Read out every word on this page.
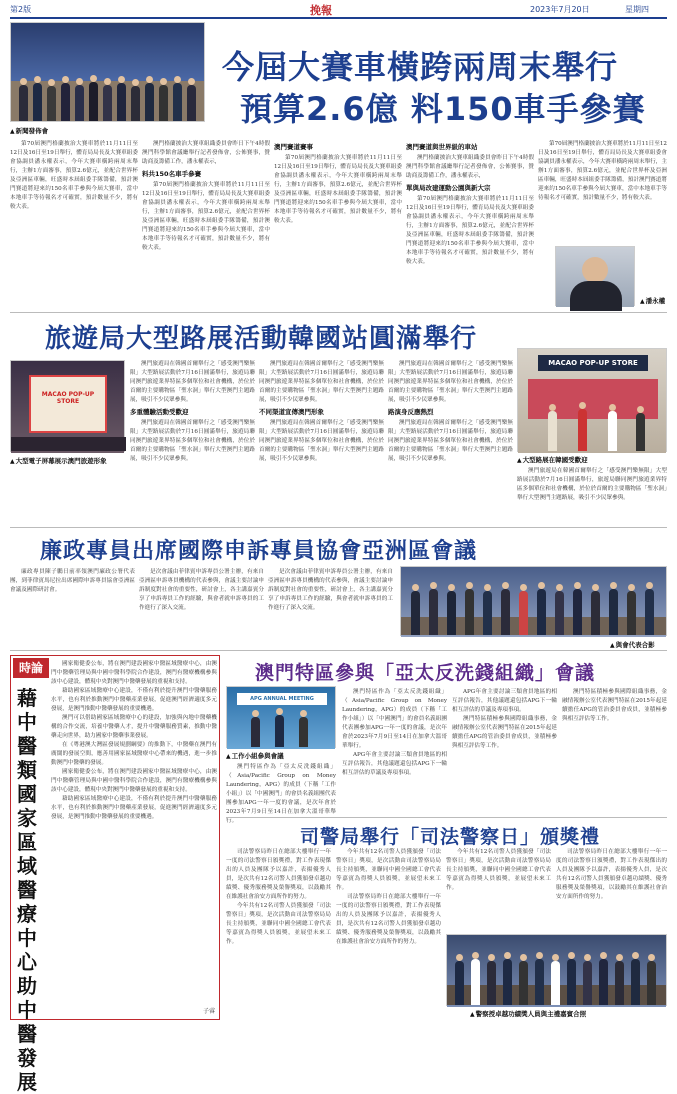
第2版	挽報	2023年7月20日	星期四
▲新聞發佈會
今屆大賽車橫跨兩周末舉行
預算2.6億 料150車手參賽

第70屆澳門格蘭披治大賽車將於11月11日至12日及16日至19日舉行，體育局局長及大賽車組委會協調員潘永權表示，今年大賽車橫跨兩周末舉行，主辦1方面審事，預算2.6億元，並配合世界杯及亞洲區車輛，旺盛時本屆組委手隊籌備，預計澳門賽道將迎來約150名車手參與今屆大賽車，當中本地車手等待報名才可確實，預計數量不少，將有較大表。

澳門格蘭披治大賽車組織委員會昨日下午4時假澳門科學館會議廳舉行記者發佈會，公佈賽事，贊助商及籌備工作，潘永權表示，

料共150名車手參賽

第70屆澳門格蘭披治大賽車將於11月11日至12日及16日至19日舉行，體育局局長及大賽車組委會協調員潘永權表示，今年大賽車橫跨兩周末舉行，主辦1方面審事，預算2.6億元，並配合世界杯及亞洲區車輛，旺盛時本屆組委手隊籌備，預計澳門賽道將迎來約150名車手參與今屆大賽車，當中本地車手等待報名才可確實，預計數量不少，將有較大表。

澳門賽道賽事

第70屆澳門格蘭披治大賽車將於11月11日至12日及16日至19日舉行，體育局局長及大賽車組委會協調員潘永權表示，今年大賽車橫跨兩周末舉行，主辦1方面審事，預算2.6億元，並配合世界杯及亞洲區車輛，旺盛時本屆組委手隊籌備，預計澳門賽道將迎來約150名車手參與今屆大賽車，當中本地車手等待報名才可確實，預計數量不少，將有較大表。

澳門賽道與世界級的車站

澳門格蘭披治大賽車組織委員會昨日下午4時假澳門科學館會議廳舉行記者發佈會，公佈賽事，贊助商及籌備工作，潘永權表示，

單與局改建運動公園與新大宗

第70屆澳門格蘭披治大賽車將於11月11日至12日及16日至19日舉行，體育局局長及大賽車組委會協調員潘永權表示，今年大賽車橫跨兩周末舉行，主辦1方面審事，預算2.6億元，並配合世界杯及亞洲區車輛，旺盛時本屆組委手隊籌備，預計澳門賽道將迎來約150名車手參與今屆大賽車，當中本地車手等待報名才可確實，預計數量不少，將有較大表。

第70屆澳門格蘭披治大賽車將於11月11日至12日及16日至19日舉行，體育局局長及大賽車組委會協調員潘永權表示，今年大賽車橫跨兩周末舉行，主辦1方面審事，預算2.6億元，並配合世界杯及亞洲區車輛，旺盛時本屆組委手隊籌備，預計澳門賽道將迎來約150名車手參與今屆大賽車，當中本地車手等待報名才可確實，預計數量不少，將有較大表。

▲潘永權
旅遊局大型路展活動韓國站圓滿舉行
MACAO POP-UP STORE
▲大型電子屏幕展示澳門旅遊形象

澳門旅遊局在韓國首爾舉行之「感受澳門樂無限」大型路展活動於7月16日圓滿舉行，旅遊局聯同澳門旅遊業界特區多個單位和社會機構，於位於首爾的主要購物區「聖水洞」舉行大型澳門主題路展，吸引不少民眾參與。

多重體驗活動受歡迎

澳門旅遊局在韓國首爾舉行之「感受澳門樂無限」大型路展活動於7月16日圓滿舉行，旅遊局聯同澳門旅遊業界特區多個單位和社會機構，於位於首爾的主要購物區「聖水洞」舉行大型澳門主題路展，吸引不少民眾參與。

澳門旅遊局在韓國首爾舉行之「感受澳門樂無限」大型路展活動於7月16日圓滿舉行，旅遊局聯同澳門旅遊業界特區多個單位和社會機構，於位於首爾的主要購物區「聖水洞」舉行大型澳門主題路展，吸引不少民眾參與。

不同渠道宣傳澳門形象

澳門旅遊局在韓國首爾舉行之「感受澳門樂無限」大型路展活動於7月16日圓滿舉行，旅遊局聯同澳門旅遊業界特區多個單位和社會機構，於位於首爾的主要購物區「聖水洞」舉行大型澳門主題路展，吸引不少民眾參與。

澳門旅遊局在韓國首爾舉行之「感受澳門樂無限」大型路展活動於7月16日圓滿舉行，旅遊局聯同澳門旅遊業界特區多個單位和社會機構，於位於首爾的主要購物區「聖水洞」舉行大型澳門主題路展，吸引不少民眾參與。

路演身反應熱烈

澳門旅遊局在韓國首爾舉行之「感受澳門樂無限」大型路展活動於7月16日圓滿舉行，旅遊局聯同澳門旅遊業界特區多個單位和社會機構，於位於首爾的主要購物區「聖水洞」舉行大型澳門主題路展，吸引不少民眾參與。

MACAO POP-UP STORE
▲大型路展在韓國受歡迎

澳門旅遊局在韓國首爾舉行之「感受澳門樂無限」大型路展活動於7月16日圓滿舉行，旅遊局聯同澳門旅遊業界特區多個單位和社會機構，於位於首爾的主要購物區「聖水洞」舉行大型澳門主題路展，吸引不少民眾參與。

廉政專員出席國際申訴專員協會亞洲區會議

廉政專員陳子鵬日前率領澳門廉政公署代表團，到菲律賓馬尼拉出席國際申訴專員協會亞洲區會議及國際研討會。

是次會議由菲律賓申訴專員公署主辦，有來自亞洲區申訴專員機構的代表參與，會議主要討論申訴制度對社會的重要性，研討會上，各主講嘉賓分享了申訴專員工作的經驗，與會者就申訴專員的工作進行了深入交流。

是次會議由菲律賓申訴專員公署主辦，有來自亞洲區申訴專員機構的代表參與，會議主要討論申訴制度對社會的重要性，研討會上，各主講嘉賓分享了申訴專員工作的經驗，與會者就申訴專員的工作進行了深入交流。

▲與會代表合影
時論
藉中醫類國家區域醫療中心助中醫發展

國家衛健委公布，將在澳門建設國家中醫區域醫療中心，由澳門中醫藥管理局與中國中醫科學院合作建設，澳門有醫療機構參與該中心建設，體現中央對澳門中醫藥發展的重視和支持。

藉助國家區域醫療中心建設，不僅有利於提升澳門中醫藥服務水平，也有利於推動澳門中醫藥產業發展，促進澳門經濟適度多元發展，是澳門推動中醫藥發展的重要機遇。

澳門可以借助國家區域醫療中心的建設，加強與內地中醫藥機構的合作交流，培養中醫藥人才，提升中醫藥服務質素，推動中醫藥走向世界，助力國家中醫藥事業發展。

在《粵港澳大灣區發展規劃綱要》的推動下，中醫藥在澳門有廣闊的發展空間，應善用國家區域醫療中心帶來的機遇，進一步推動澳門中醫藥的發展。

國家衛健委公布，將在澳門建設國家中醫區域醫療中心，由澳門中醫藥管理局與中國中醫科學院合作建設，澳門有醫療機構參與該中心建設，體現中央對澳門中醫藥發展的重視和支持。

藉助國家區域醫療中心建設，不僅有利於提升澳門中醫藥服務水平，也有利於推動澳門中醫藥產業發展，促進澳門經濟適度多元發展，是澳門推動中醫藥發展的重要機遇。

子睿
澳門特區參與「亞太反洗錢組織」會議
APG ANNUAL MEETING
▲工作小組參與會議

澳門特區作為「亞太反洗錢組織」（Asia/Pacific Group on Money Laundering，APG）的成員（下稱「工作小組」）以「中國澳門」的會員名義組團代表團參加APG一年一度的會議，是次年會於2023年7月9日至14日在加拿大溫哥華舉行。

澳門特區作為「亞太反洗錢組織」（Asia/Pacific Group on Money Laundering，APG）的成員（下稱「工作小組」）以「中國澳門」的會員名義組團代表團參加APG一年一度的會議，是次年會於2023年7月9日至14日在加拿大溫哥華舉行。

APG年會主要討論三類會員地區的相互評估報告，其他議題還包括APG下一輪相互評估的草議及專項事項。

APG年會主要討論三類會員地區的相互評估報告，其他議題還包括APG下一輪相互評估的草議及專項事項。

澳門特區積極參與國際組織事務，金融情報辦公室代表澳門特區在2015年起延續擔任APG的管治委員會成員，並積極參與相互評估等工作。

澳門特區積極參與國際組織事務，金融情報辦公室代表澳門特區在2015年起延續擔任APG的管治委員會成員，並積極參與相互評估等工作。

司警局舉行「司法警察日」頒獎禮

司法警察局昨日在總部大樓舉行一年一度的司法警察日頒獎禮，對工作表現傑出的人員及團隊予以嘉許，表揚優秀人員，是次共有12名司警人員獲頒發卓越功績獎、優秀服務獎及榮譽獎項，以鼓勵其在維護社會治安方面所作的努力。

今年共有12名司警人員獲頒發「司法警察日」獎項，是次活動由司法警察局局長主持頒獎，並聯同中國全國總工會代表等嘉賓為得獎人員頒獎，並展望未來工作。

今年共有12名司警人員獲頒發「司法警察日」獎項，是次活動由司法警察局局長主持頒獎，並聯同中國全國總工會代表等嘉賓為得獎人員頒獎，並展望未來工作。

司法警察局昨日在總部大樓舉行一年一度的司法警察日頒獎禮，對工作表現傑出的人員及團隊予以嘉許，表揚優秀人員，是次共有12名司警人員獲頒發卓越功績獎、優秀服務獎及榮譽獎項，以鼓勵其在維護社會治安方面所作的努力。

今年共有12名司警人員獲頒發「司法警察日」獎項，是次活動由司法警察局局長主持頒獎，並聯同中國全國總工會代表等嘉賓為得獎人員頒獎，並展望未來工作。

司法警察局昨日在總部大樓舉行一年一度的司法警察日頒獎禮，對工作表現傑出的人員及團隊予以嘉許，表揚優秀人員，是次共有12名司警人員獲頒發卓越功績獎、優秀服務獎及榮譽獎項，以鼓勵其在維護社會治安方面所作的努力。

▲警察授卓越功績獎人員與主禮嘉賓合照
